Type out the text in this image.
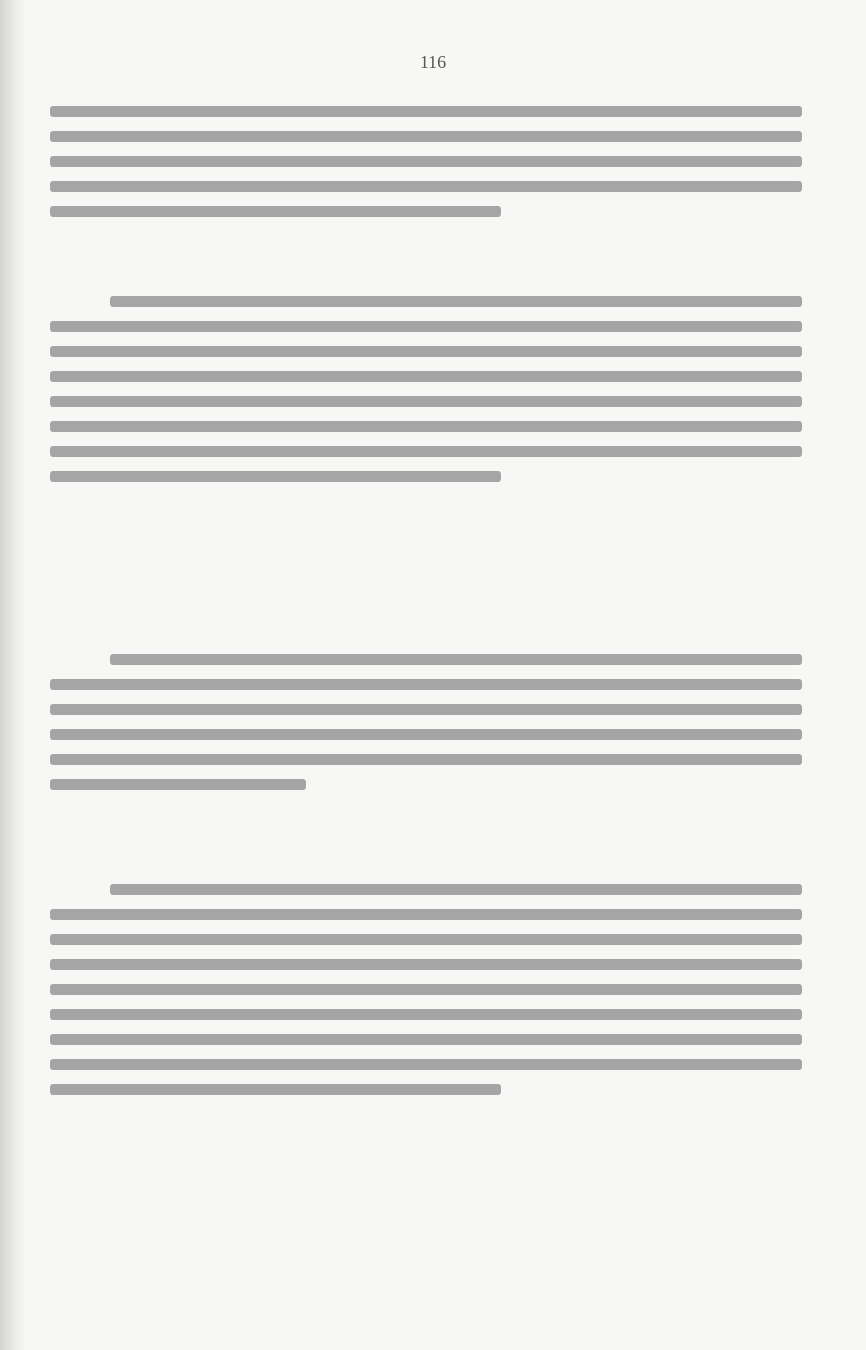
116
